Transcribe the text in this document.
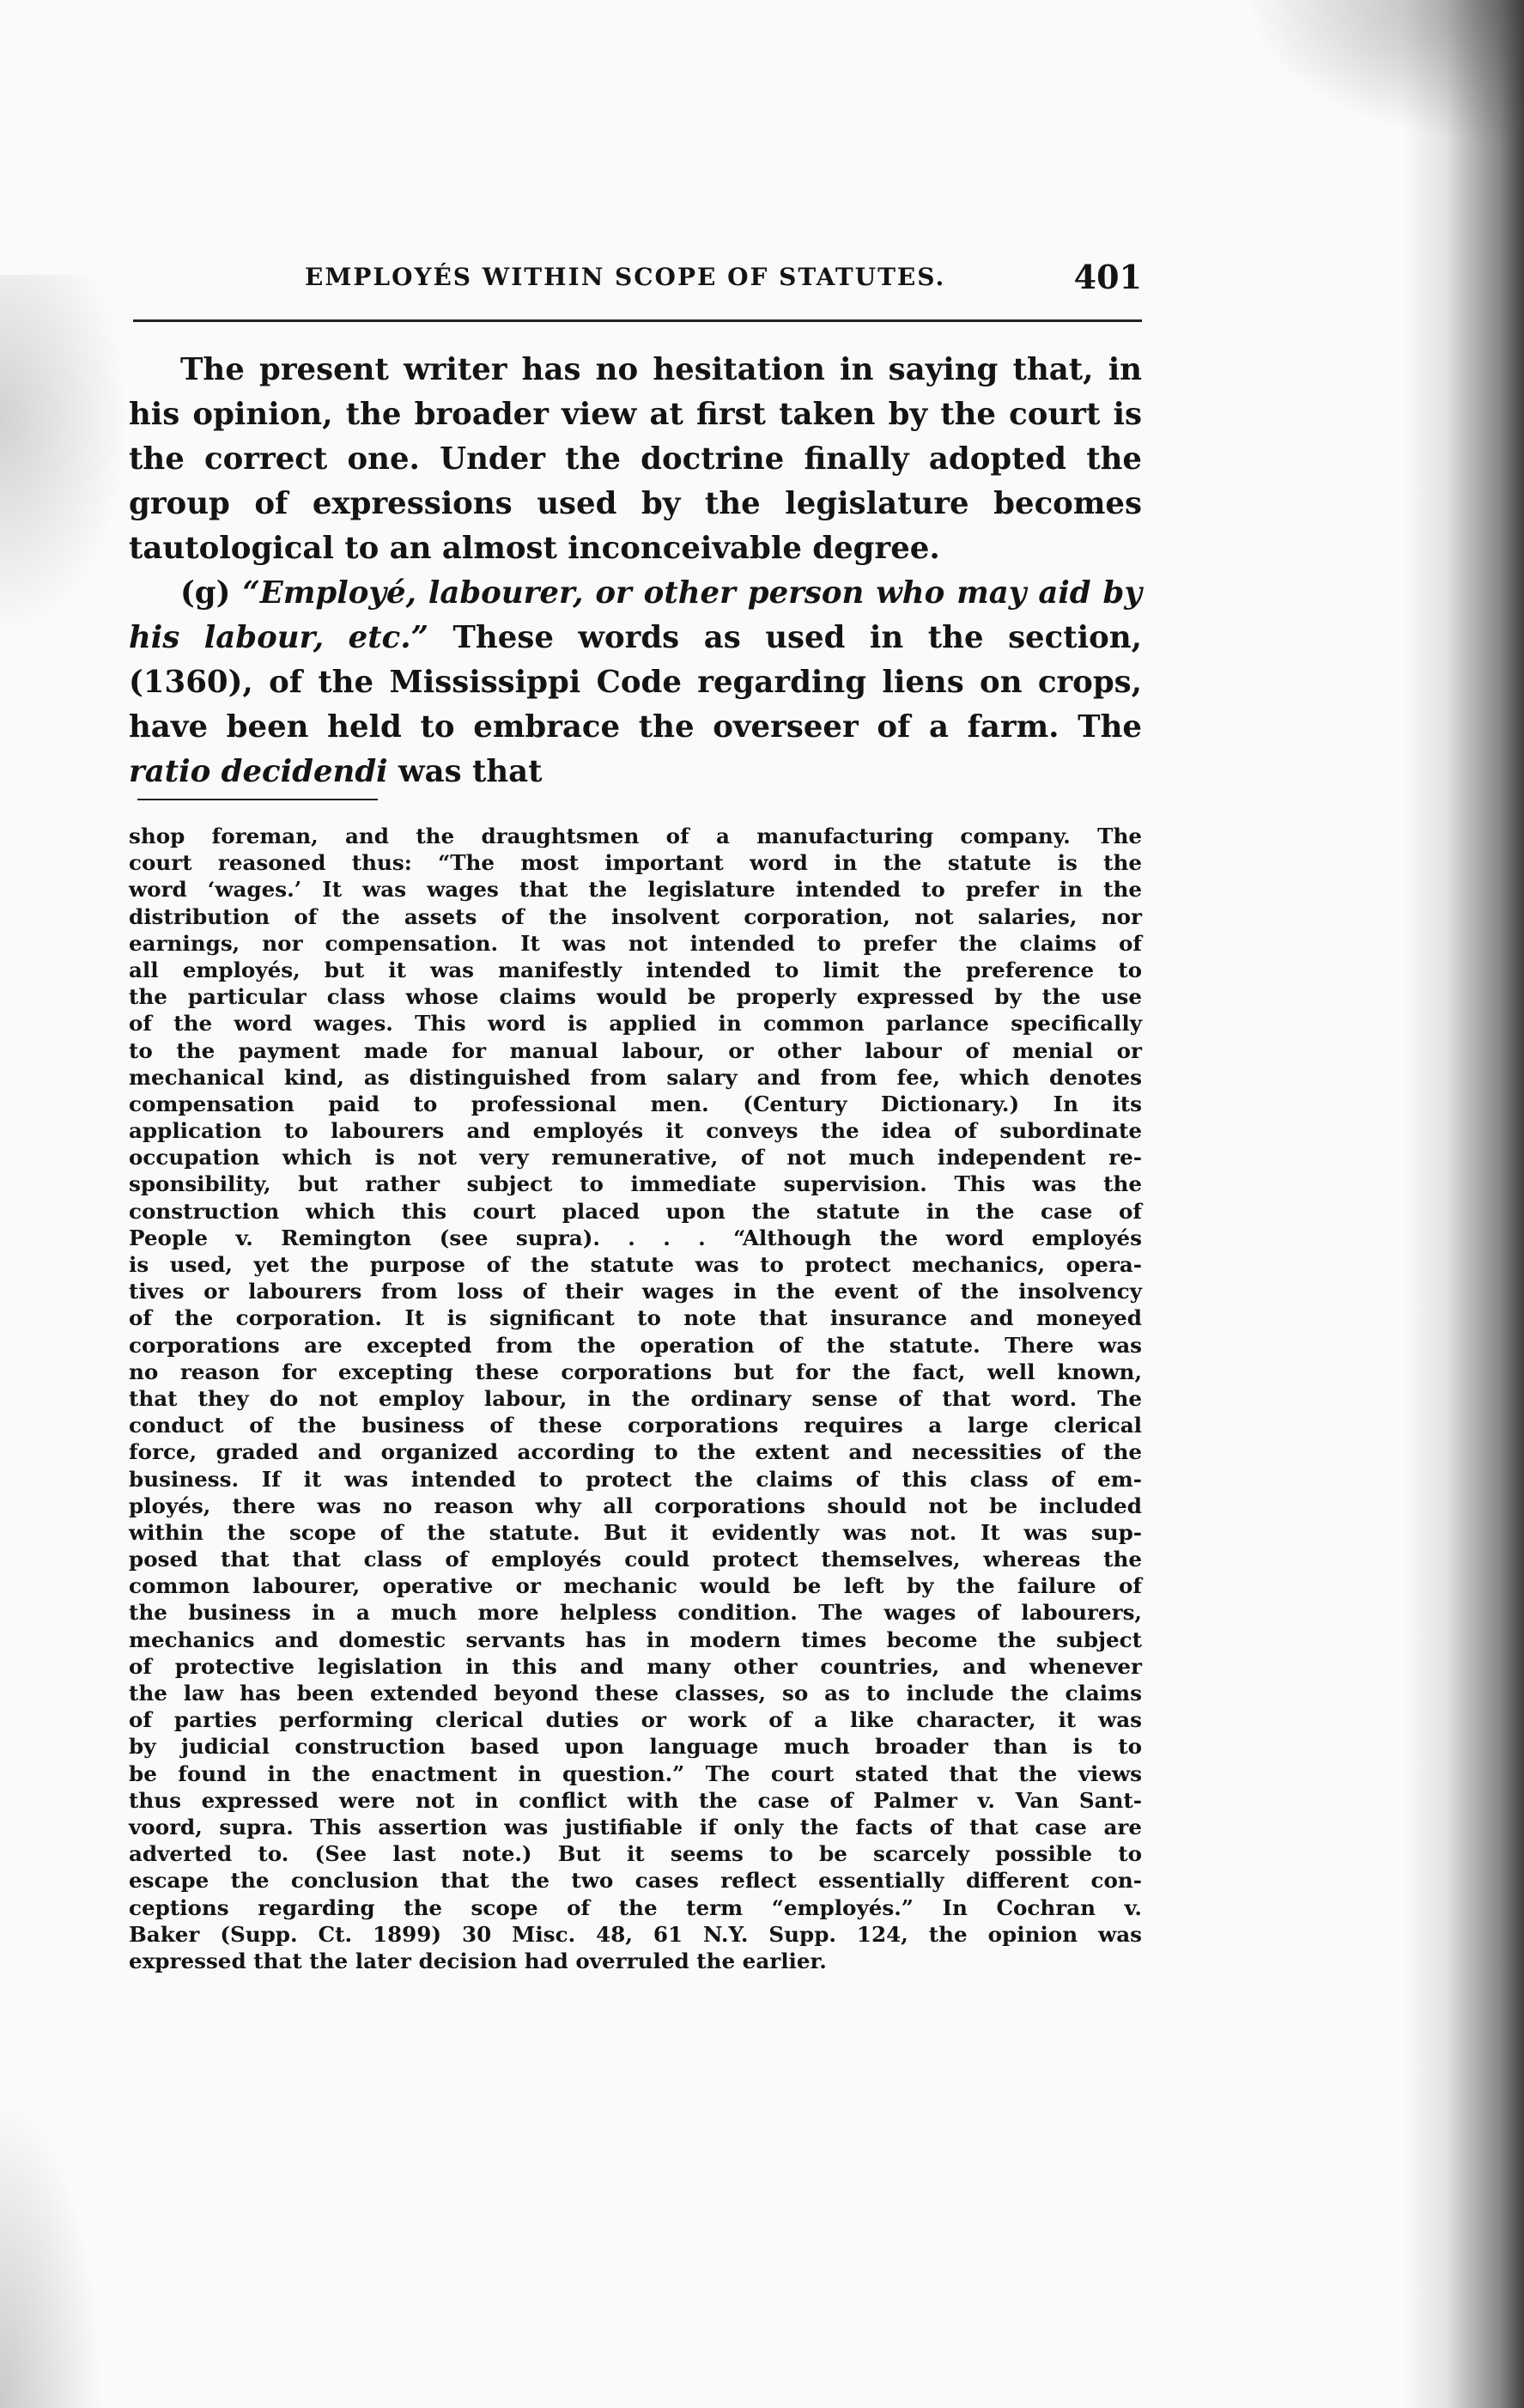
EMPLOYÉS WITHIN SCOPE OF STATUTES.	401

The present writer has no hesitation in saying that, in his opinion, the broader view at first taken by the court is the correct one. Under the doctrine finally adopted the group of expressions used by the legislature becomes tautological to an almost inconceivable degree.

(g) “Employé, labourer, or other person who may aid by his labour, etc.” These words as used in the section, (1360), of the Mississippi Code regarding liens on crops, have been held to embrace the overseer of a farm. The ratio decidendi was that

shop foreman, and the draughtsmen of a manufacturing company. The
court reasoned thus: “The most important word in the statute is the
word ‘wages.’ It was wages that the legislature intended to prefer in the
distribution of the assets of the insolvent corporation, not salaries, nor
earnings, nor compensation. It was not intended to prefer the claims of
all employés, but it was manifestly intended to limit the preference to
the particular class whose claims would be properly expressed by the use
of the word wages. This word is applied in common parlance specifically
to the payment made for manual labour, or other labour of menial or
mechanical kind, as distinguished from salary and from fee, which denotes
compensation paid to professional men. (Century Dictionary.) In its
application to labourers and employés it conveys the idea of subordinate
occupation which is not very remunerative, of not much independent re-
sponsibility, but rather subject to immediate supervision. This was the
construction which this court placed upon the statute in the case of
People v. Remington (see supra). . . . “Although the word employés
is used, yet the purpose of the statute was to protect mechanics, opera-
tives or labourers from loss of their wages in the event of the insolvency
of the corporation. It is significant to note that insurance and moneyed
corporations are excepted from the operation of the statute. There was
no reason for excepting these corporations but for the fact, well known,
that they do not employ labour, in the ordinary sense of that word. The
conduct of the business of these corporations requires a large clerical
force, graded and organized according to the extent and necessities of the
business. If it was intended to protect the claims of this class of em-
ployés, there was no reason why all corporations should not be included
within the scope of the statute. But it evidently was not. It was sup-
posed that that class of employés could protect themselves, whereas the
common labourer, operative or mechanic would be left by the failure of
the business in a much more helpless condition. The wages of labourers,
mechanics and domestic servants has in modern times become the subject
of protective legislation in this and many other countries, and whenever
the law has been extended beyond these classes, so as to include the claims
of parties performing clerical duties or work of a like character, it was
by judicial construction based upon language much broader than is to
be found in the enactment in question.” The court stated that the views
thus expressed were not in conflict with the case of Palmer v. Van Sant-
voord, supra. This assertion was justifiable if only the facts of that case are
adverted to. (See last note.) But it seems to be scarcely possible to
escape the conclusion that the two cases reflect essentially different con-
ceptions regarding the scope of the term “employés.” In Cochran v.
Baker (Supp. Ct. 1899) 30 Misc. 48, 61 N.Y. Supp. 124, the opinion was
expressed that the later decision had overruled the earlier.
